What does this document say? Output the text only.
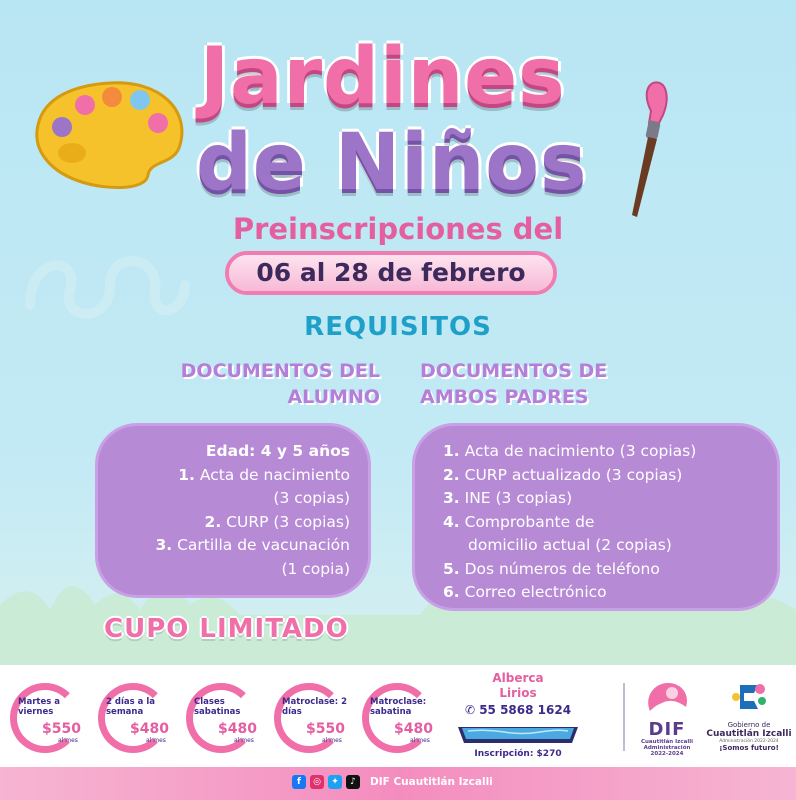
Jardines
de Niños
Preinscripciones del
06 al 28 de febrero
REQUISITOS
DOCUMENTOS DEL
ALUMNO
DOCUMENTOS DE
AMBOS PADRES
Edad: 4 y 5 años
1. Acta de nacimiento
(3 copias)
2. CURP (3 copias)
3. Cartilla de vacunación
(1 copia)
1. Acta de nacimiento (3 copias)
2. CURP actualizado (3 copias)
3. INE (3 copias)
4. Comprobante de
domicilio actual (2 copias)
5. Dos números de teléfono
6. Correo electrónico
CUPO LIMITADO
Martes a viernes
$550
al mes
2 días a la semana
$480
al mes
Clases sabatinas
$480
al mes
Matroclase: 2 días
$550
al mes
Matroclase: sabatina
$480
al mes
Alberca
Lirios
✆ 55 5868 1624
Inscripción: $270
DIF
Cuautitlán Izcalli
Administración 2022-2024
Gobierno de
Cuautitlán Izcalli
Administración 2022-2024
¡Somos futuro!
f	◎	✦	♪	DIF Cuautitlán Izcalli
